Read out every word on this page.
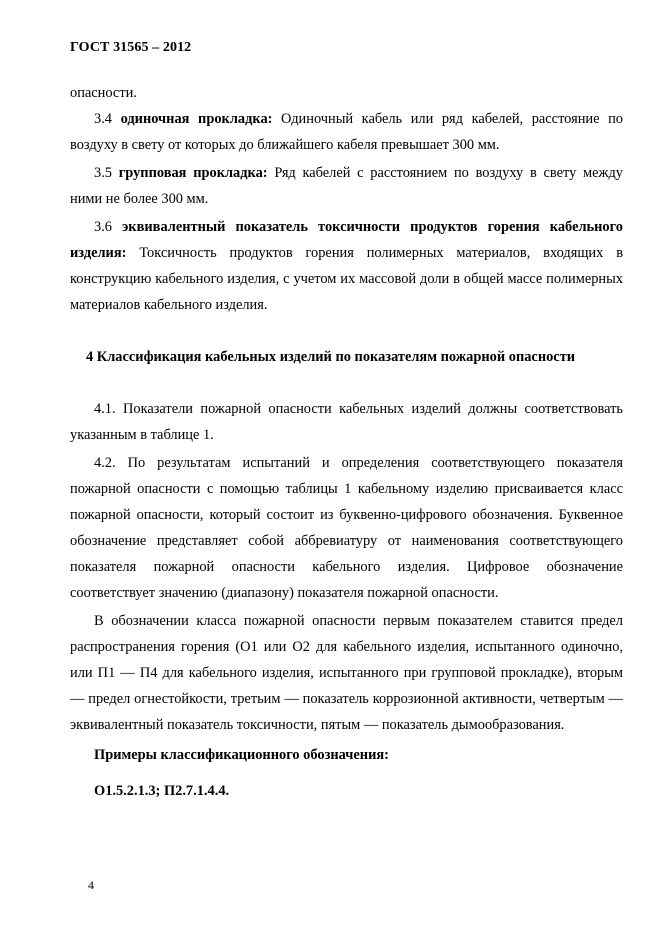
ГОСТ 31565 – 2012

опасности.

3.4 одиночная прокладка: Одиночный кабель или ряд кабелей, расстояние по воздуху в свету от которых до ближайшего кабеля превышает 300 мм.

3.5 групповая прокладка: Ряд кабелей с расстоянием по воздуху в свету между ними не более 300 мм.

3.6 эквивалентный показатель токсичности продуктов горения кабельного изделия: Токсичность продуктов горения полимерных материалов, входящих в конструкцию кабельного изделия, с учетом их массовой доли в общей массе полимерных материалов кабельного изделия.

4 Классификация кабельных изделий по показателям пожарной опасности

4.1. Показатели пожарной опасности кабельных изделий должны соответствовать указанным в таблице 1.

4.2. По результатам испытаний и определения соответствующего показателя пожарной опасности с помощью таблицы 1 кабельному изделию присваивается класс пожарной опасности, который состоит из буквенно-цифрового обозначения. Буквенное обозначение представляет собой аббревиатуру от наименования соответствующего показателя пожарной опасности кабельного изделия. Цифровое обозначение соответствует значению (диапазону) показателя пожарной опасности.

В обозначении класса пожарной опасности первым показателем ставится предел распространения горения (О1 или О2 для кабельного изделия, испытанного одиночно, или П1 — П4 для кабельного изделия, испытанного при групповой прокладке), вторым — предел огнестойкости, третьим — показатель коррозионной активности, четвертым — эквивалентный показатель токсичности, пятым — показатель дымообразования.

Примеры классификационного обозначения:

О1.5.2.1.3; П2.7.1.4.4.

4
